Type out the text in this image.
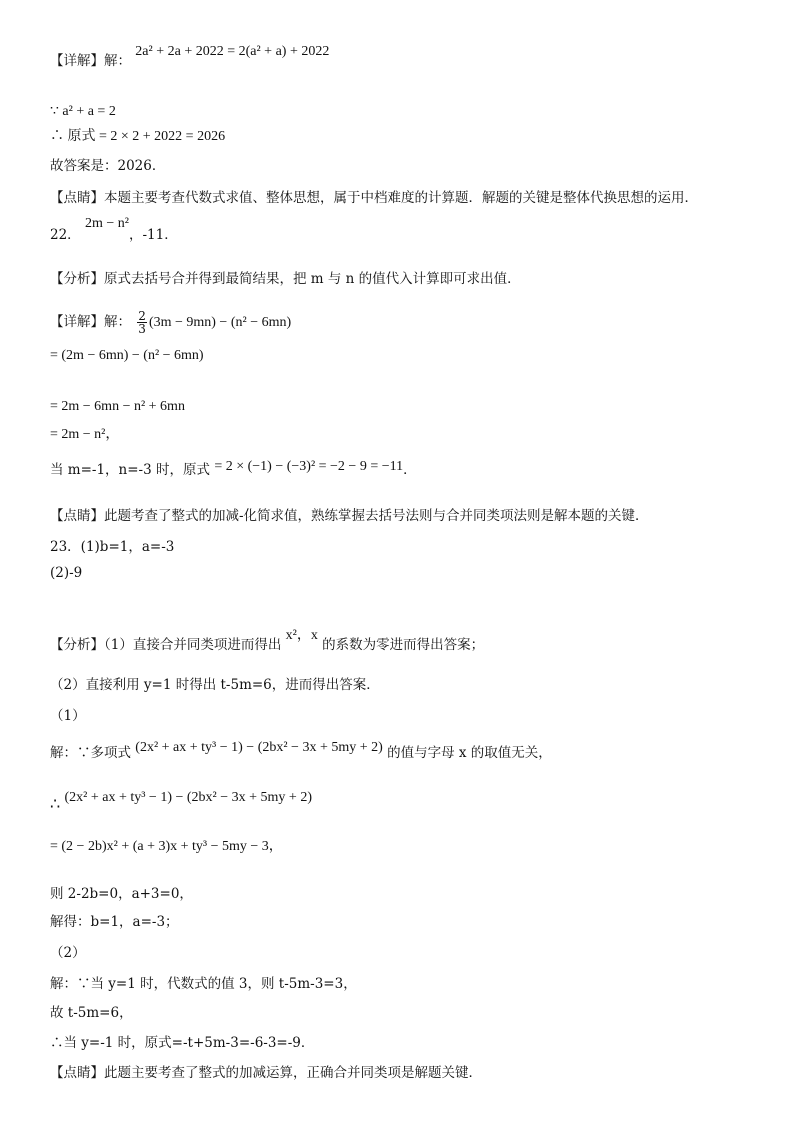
【详解】解： 2a² + 2a + 2022 = 2(a² + a) + 2022
∵ a² + a = 2
∴ 原式 = 2 × 2 + 2022 = 2026
故答案是：2026．
【点睛】本题主要考查代数式求值、整体思想，属于中档难度的计算题．解题的关键是整体代换思想的运用．
22． 2m − n²，-11．
【分析】原式去括号合并得到最简结果，把 m 与 n 的值代入计算即可求出值．
【详解】解： $\frac{2}{3} (3m - 9mn) - (n^2 - 6mn)$
= (2m − 6mn) − (n² − 6mn)
= 2m − 6mn − n² + 6mn
= 2m − n²，
当 m=-1，n=-3 时，原式 = 2 × (−1) − (−3)² = −2 − 9 = −11．
【点睛】此题考查了整式的加减-化简求值，熟练掌握去括号法则与合并同类项法则是解本题的关键．
23．(1)b=1，a=-3
(2)-9
【分析】（1）直接合并同类项进而得出 x²，x 的系数为零进而得出答案；
（2）直接利用 y=1 时得出 t-5m=6，进而得出答案．
（1）
解：∵多项式 (2x² + ax + ty³ − 1) − (2bx² − 3x + 5my + 2) 的值与字母 x 的取值无关，
∴ (2x² + ax + ty³ − 1) − (2bx² − 3x + 5my + 2)
= (2 − 2b)x² + (a + 3)x + ty³ − 5my − 3，
则 2-2b=0，a+3=0，
解得：b=1，a=-3；
（2）
解：∵当 y=1 时，代数式的值 3，则 t-5m-3=3，
故 t-5m=6，
∴当 y=-1 时，原式=-t+5m-3=-6-3=-9．
【点睛】此题主要考查了整式的加减运算，正确合并同类项是解题关键．
